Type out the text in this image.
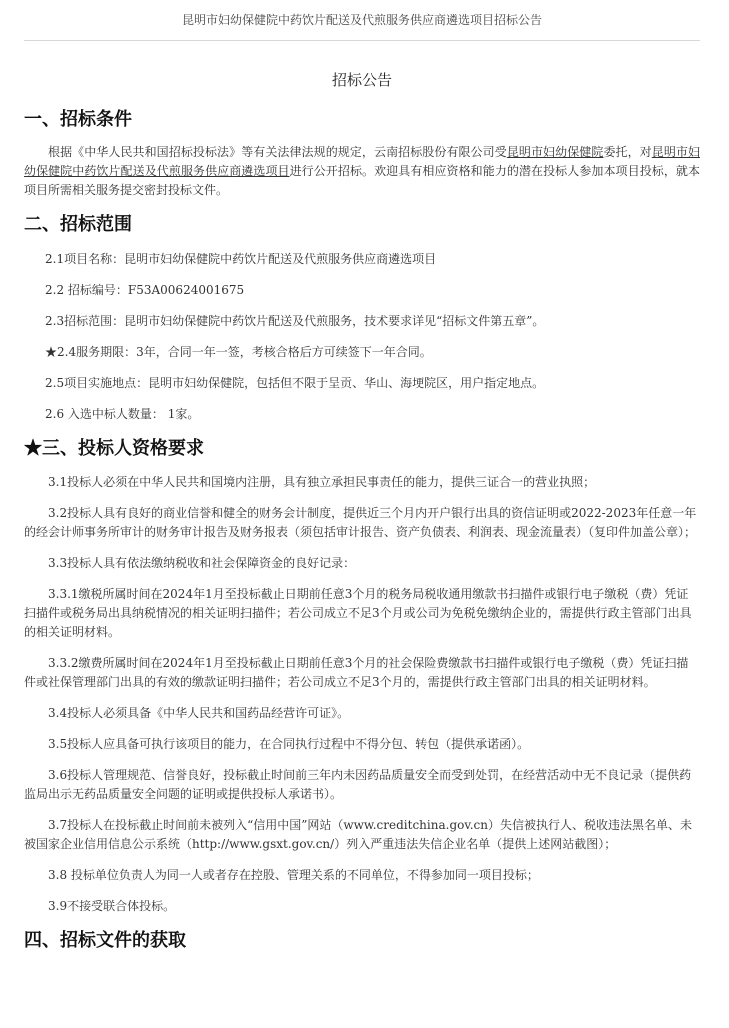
昆明市妇幼保健院中药饮片配送及代煎服务供应商遴选项目招标公告
招标公告
一、招标条件

根据《中华人民共和国招标投标法》等有关法律法规的规定，云南招标股份有限公司受昆明市妇幼保健院委托，对昆明市妇幼保健院中药饮片配送及代煎服务供应商遴选项目进行公开招标。欢迎具有相应资格和能力的潜在投标人参加本项目投标，就本项目所需相关服务提交密封投标文件。

二、招标范围

2.1项目名称：昆明市妇幼保健院中药饮片配送及代煎服务供应商遴选项目

2.2 招标编号：F53A00624001675

2.3招标范围：昆明市妇幼保健院中药饮片配送及代煎服务，技术要求详见“招标文件第五章”。

★2.4服务期限：3年，合同一年一签，考核合格后方可续签下一年合同。

2.5项目实施地点：昆明市妇幼保健院，包括但不限于呈贡、华山、海埂院区，用户指定地点。

2.6 入选中标人数量： 1家。

★三、投标人资格要求

3.1投标人必须在中华人民共和国境内注册，具有独立承担民事责任的能力，提供三证合一的营业执照；

3.2投标人具有良好的商业信誉和健全的财务会计制度，提供近三个月内开户银行出具的资信证明或2022-2023年任意一年的经会计师事务所审计的财务审计报告及财务报表（须包括审计报告、资产负债表、利润表、现金流量表）（复印件加盖公章）；

3.3投标人具有依法缴纳税收和社会保障资金的良好记录：

3.3.1缴税所属时间在2024年1月至投标截止日期前任意3个月的税务局税收通用缴款书扫描件或银行电子缴税（费）凭证扫描件或税务局出具纳税情况的相关证明扫描件；若公司成立不足3个月或公司为免税免缴纳企业的，需提供行政主管部门出具的相关证明材料。

3.3.2缴费所属时间在2024年1月至投标截止日期前任意3个月的社会保险费缴款书扫描件或银行电子缴税（费）凭证扫描件或社保管理部门出具的有效的缴款证明扫描件；若公司成立不足3个月的，需提供行政主管部门出具的相关证明材料。

3.4投标人必须具备《中华人民共和国药品经营许可证》。

3.5投标人应具备可执行该项目的能力，在合同执行过程中不得分包、转包（提供承诺函）。

3.6投标人管理规范、信誉良好，投标截止时间前三年内未因药品质量安全而受到处罚，在经营活动中无不良记录（提供药监局出示无药品质量安全问题的证明或提供投标人承诺书）。

3.7投标人在投标截止时间前未被列入“信用中国”网站（www.creditchina.gov.cn）失信被执行人、税收违法黑名单、未被国家企业信用信息公示系统（http://www.gsxt.gov.cn/）列入严重违法失信企业名单（提供上述网站截图）；

3.8 投标单位负责人为同一人或者存在控股、管理关系的不同单位，不得参加同一项目投标；

3.9不接受联合体投标。

四、招标文件的获取
